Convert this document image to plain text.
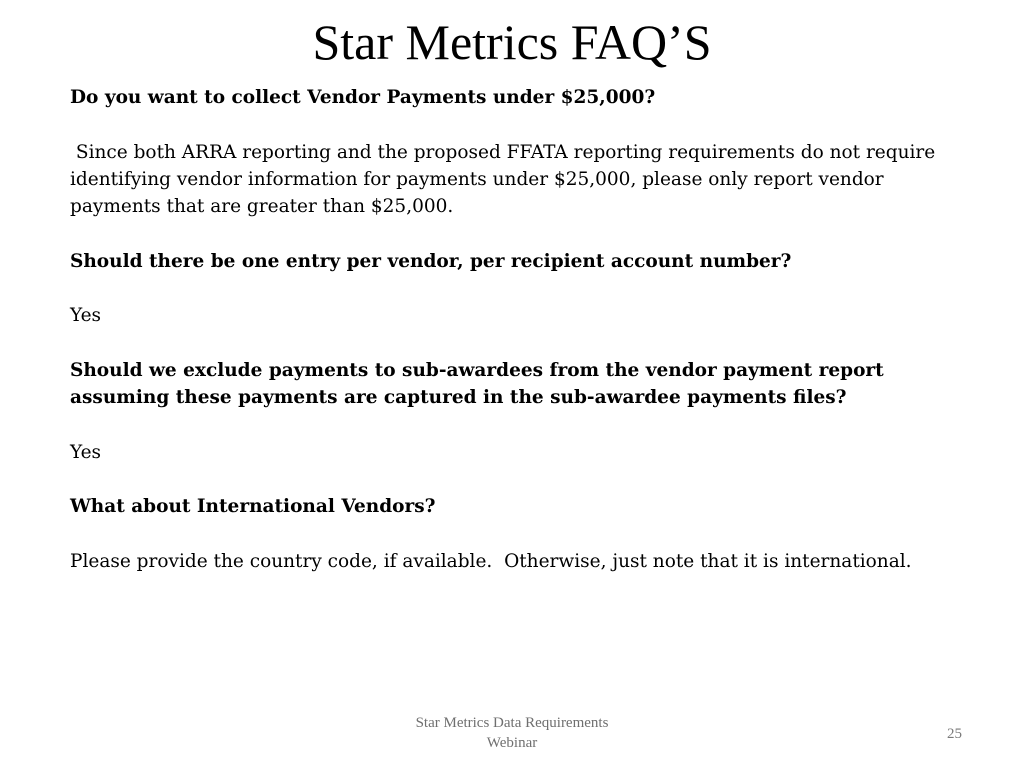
Star Metrics FAQ’S

Do you want to collect Vendor Payments under $25,000?

Since both ARRA reporting and the proposed FFATA reporting requirements do not require identifying vendor information for payments under $25,000, please only report vendor payments that are greater than $25,000.

Should there be one entry per vendor, per recipient account number?

Yes

Should we exclude payments to sub-awardees from the vendor payment report assuming these payments are captured in the sub-awardee payments files?

Yes

What about International Vendors?

Please provide the country code, if available.  Otherwise, just note that it is international.

Star Metrics Data Requirements
Webinar
25
